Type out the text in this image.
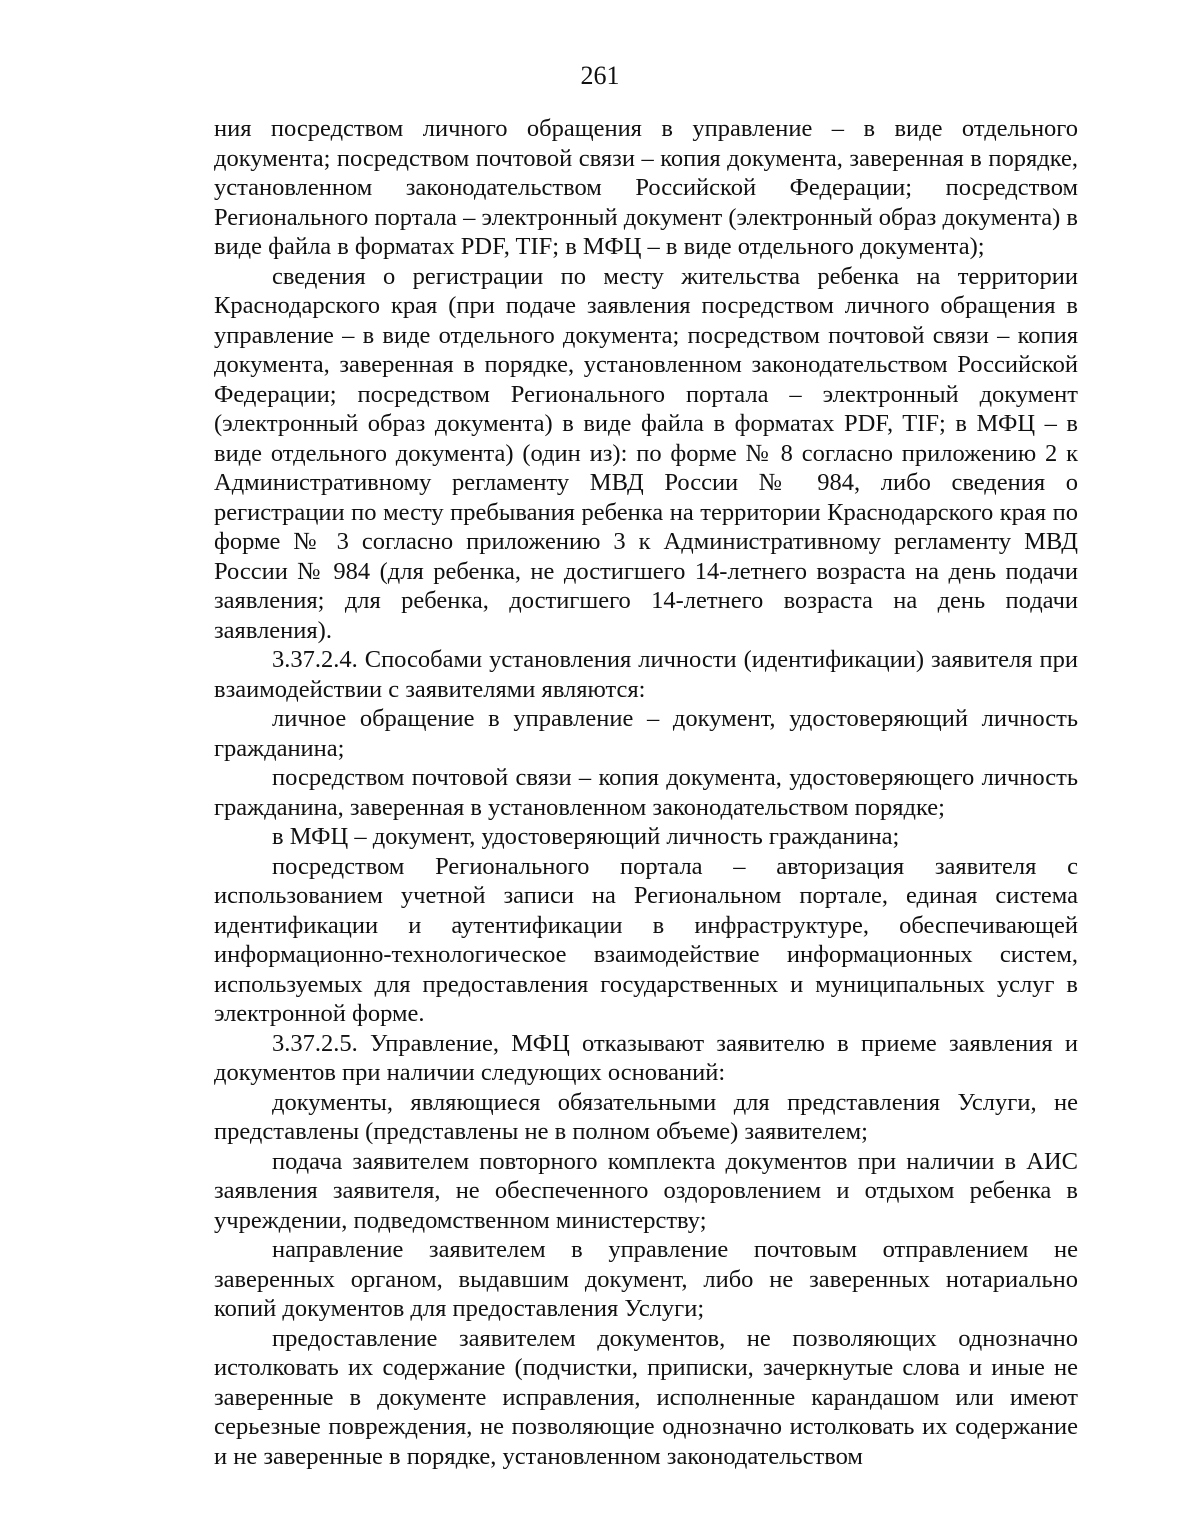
261

ния посредством личного обращения в управление – в виде отдельного документа; посредством почтовой связи – копия документа, заверенная в порядке, установленном законодательством Российской Федерации; посредством Регионального портала – электронный документ (электронный образ документа) в виде файла в форматах PDF, TIF; в МФЦ – в виде отдельного документа);

сведения о регистрации по месту жительства ребенка на территории Краснодарского края (при подаче заявления посредством личного обращения в управление – в виде отдельного документа; посредством почтовой связи – копия документа, заверенная в порядке, установленном законодательством Российской Федерации; посредством Регионального портала – электронный документ (электронный образ документа) в виде файла в форматах PDF, TIF; в МФЦ – в виде отдельного документа) (один из): по форме № 8 согласно приложению 2 к Административному регламенту МВД России № 984, либо сведения о регистрации по месту пребывания ребенка на территории Краснодарского края по форме № 3 согласно приложению 3 к Административному регламенту МВД России № 984 (для ребенка, не достигшего 14-летнего возраста на день подачи заявления; для ребенка, достигшего 14-летнего возраста на день подачи заявления).

3.37.2.4. Способами установления личности (идентификации) заявителя при взаимодействии с заявителями являются:

личное обращение в управление – документ, удостоверяющий личность гражданина;

посредством почтовой связи – копия документа, удостоверяющего личность гражданина, заверенная в установленном законодательством порядке;

в МФЦ – документ, удостоверяющий личность гражданина;

посредством Регионального портала – авторизация заявителя с использованием учетной записи на Региональном портале, единая система идентификации и аутентификации в инфраструктуре, обеспечивающей информационно-технологическое взаимодействие информационных систем, используемых для предоставления государственных и муниципальных услуг в электронной форме.

3.37.2.5. Управление, МФЦ отказывают заявителю в приеме заявления и документов при наличии следующих оснований:

документы, являющиеся обязательными для представления Услуги, не представлены (представлены не в полном объеме) заявителем;

подача заявителем повторного комплекта документов при наличии в АИС заявления заявителя, не обеспеченного оздоровлением и отдыхом ребенка в учреждении, подведомственном министерству;

направление заявителем в управление почтовым отправлением не заверенных органом, выдавшим документ, либо не заверенных нотариально копий документов для предоставления Услуги;

предоставление заявителем документов, не позволяющих однозначно истолковать их содержание (подчистки, приписки, зачеркнутые слова и иные не заверенные в документе исправления, исполненные карандашом или имеют серьезные повреждения, не позволяющие однозначно истолковать их содержание и не заверенные в порядке, установленном законодательством
